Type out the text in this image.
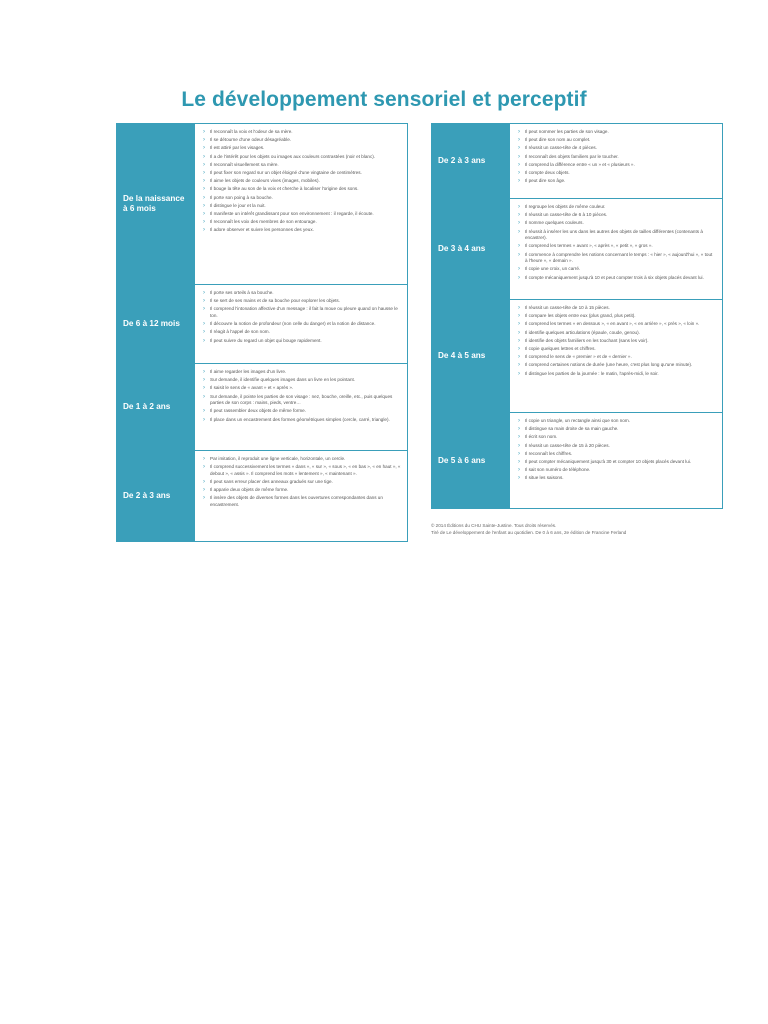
Le développement sensoriel et perceptif
De la naissance à 6 mois
› Il reconnaît la voix et l'odeur de sa mère.
› Il se détourne d'une odeur désagréable.
› Il est attiré par les visages.
› Il a de l'intérêt pour les objets ou images aux couleurs contrastées (noir et blanc).
› Il reconnaît visuellement sa mère.
› Il peut fixer son regard sur un objet éloigné d'une vingtaine de centimètres.
› Il aime les objets de couleurs vives (images, mobiles).
› Il bouge la tête au son de la voix et cherche à localiser l'origine des sons.
› Il porte son poing à sa bouche.
› Il distingue le jour et la nuit.
› Il manifeste un intérêt grandissant pour son environnement : il regarde, il écoute.
› Il reconnaît les voix des membres de son entourage.
› Il adore observer et suivre les personnes des yeux.
De 6 à 12 mois
› Il porte ses orteils à sa bouche.
› Il se sert de ses mains et de sa bouche pour explorer les objets.
› Il comprend l'intonation affective d'un message : il fait la moue ou pleure quand on hausse le ton.
› Il découvre la notion de profondeur (non celle du danger) et la notion de distance.
› Il réagit à l'appel de son nom.
› Il peut suivre du regard un objet qui bouge rapidement.
De 1 à 2 ans
› Il aime regarder les images d'un livre.
› Sur demande, il identifie quelques images dans un livre en les pointant.
› Il saisit le sens de « avant » et « après ».
› Sur demande, il pointe les parties de son visage : nez, bouche, oreille, etc., puis quelques parties de son corps : mains, pieds, ventre…
› Il peut rassembler deux objets de même forme.
› Il place dans un encastrement des formes géométriques simples (cercle, carré, triangle).
De 2 à 3 ans
› Par imitation, il reproduit une ligne verticale, horizontale, un cercle.
› Il comprend successivement les termes « dans », « sur », « sous », « en bas », « en haut », « debout », « assis ». Il comprend les mots « lentement », « maintenant ».
› Il peut sans erreur placer des anneaux gradués sur une tige.
› Il apparie deux objets de même forme.
› Il insère des objets de diverses formes dans les ouvertures correspondantes dans un encastrement.
De 2 à 3 ans
› Il peut nommer les parties de son visage.
› Il peut dire son nom au complet.
› Il réussit un casse-tête de 4 pièces.
› Il reconnaît des objets familiers par le toucher.
› Il comprend la différence entre « un » et « plusieurs ».
› Il compte deux objets.
› Il peut dire son âge.
De 3 à 4 ans
› Il regroupe les objets de même couleur.
› Il réussit un casse-tête de 6 à 10 pièces.
› Il nomme quelques couleurs.
› Il réussit à insérer les uns dans les autres des objets de tailles différentes (contenants à encastrer).
› Il comprend les termes « avant », « après », « petit », « gros ».
› Il commence à comprendre les notions concernant le temps : « hier », « aujourd'hui », « tout à l'heure », « demain ».
› Il copie une croix, un carré.
› Il compte mécaniquement jusqu'à 10 et peut compter trois à six objets placés devant lui.
De 4 à 5 ans
› Il réussit un casse-tête de 10 à 15 pièces.
› Il compare les objets entre eux (plus grand, plus petit).
› Il comprend les termes « en dessous », « en avant », « en arrière », « près », « loin ».
› Il identifie quelques articulations (épaule, coude, genou).
› Il identifie des objets familiers en les touchant (sans les voir).
› Il copie quelques lettres et chiffres.
› Il comprend le sens de « premier » et de « dernier ».
› Il comprend certaines notions de durée (une heure, c'est plus long qu'une minute).
› Il distingue les parties de la journée : le matin, l'après-midi, le soir.
De 5 à 6 ans
› Il copie un triangle, un rectangle ainsi que son nom.
› Il distingue sa main droite de sa main gauche.
› Il écrit son nom.
› Il réussit un casse-tête de 15 à 20 pièces.
› Il reconnaît les chiffres.
› Il peut compter mécaniquement jusqu'à 30 et compter 10 objets placés devant lui.
› Il sait son numéro de téléphone.
› Il situe les saisons.
© 2014 Éditions du CHU Sainte-Justine. Tous droits réservés.
Tiré de Le développement de l'enfant au quotidien. De 0 à 6 ans, 2e édition de Francine Ferland
